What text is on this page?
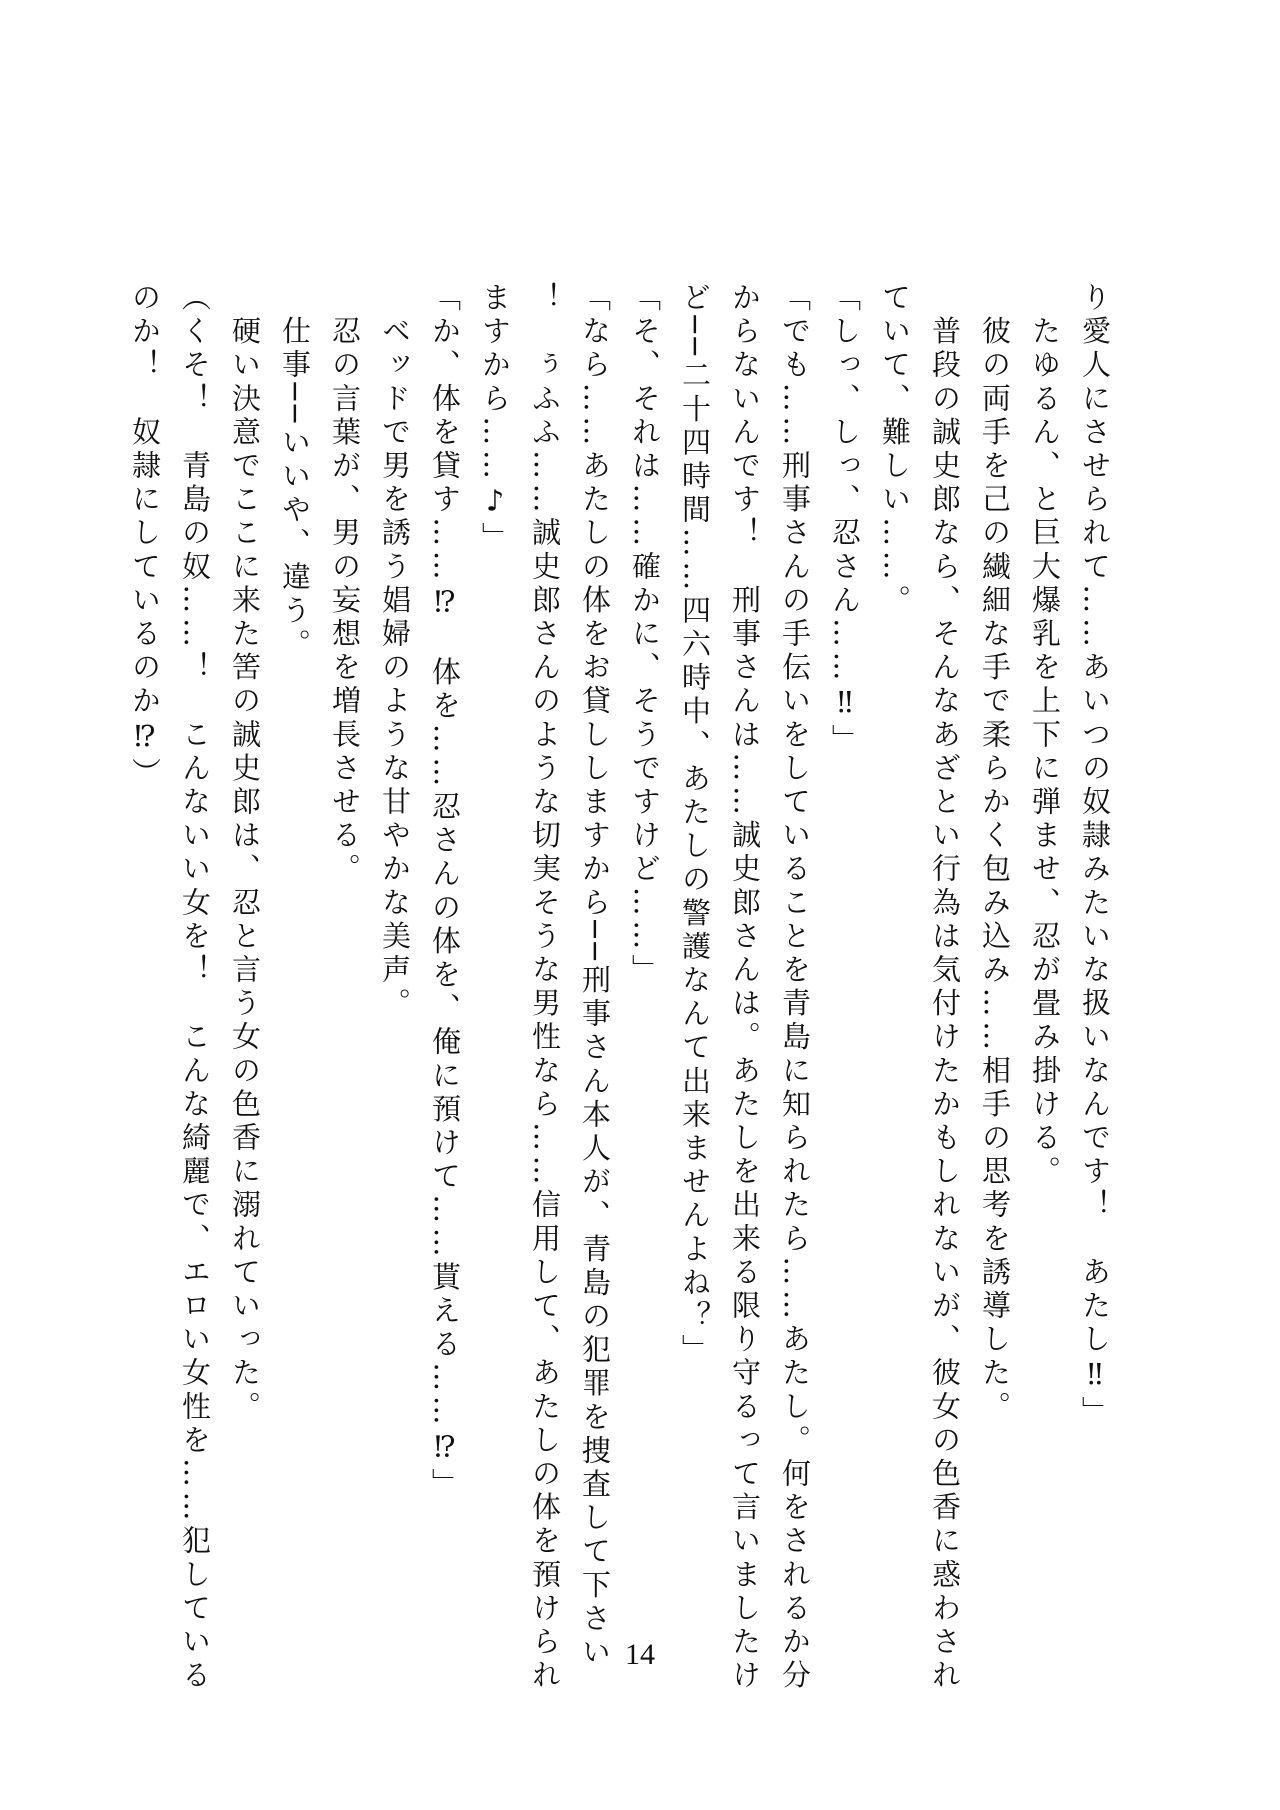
り愛人にさせられて……あいつの奴隷みたいな扱いなんです！　あたし‼」

　たゆるん、と巨大爆乳を上下に弾ませ、忍が畳み掛ける。

　彼の両手を己の繊細な手で柔らかく包み込み……相手の思考を誘導した。

　普段の誠史郎なら、そんなあざとい行為は気付けたかもしれないが、彼女の色香に惑わされていて、難しい……。

「しっ、しっ、忍さん……‼」

「でも……刑事さんの手伝いをしていることを青島に知られたら……あたし。何をされるか分からないんです！　刑事さんは……誠史郎さんは。あたしを出来る限り守るって言いましたけど──二十四時間……四六時中、あたしの警護なんて出来ませんよね？」

「そ、それは……確かに、そうですけど……」

「なら……あたしの体をお貸ししますから──刑事さん本人が、青島の犯罪を捜査して下さい！　ぅふふ……誠史郎さんのような切実そうな男性なら……信用して、あたしの体を預けられますから……♪」

「か、体を貸す……⁉　体を……忍さんの体を、俺に預けて……貰える……⁉」

　ベッドで男を誘う娼婦のような甘やかな美声。

　忍の言葉が、男の妄想を増長させる。

　仕事──いいや、違う。

　硬い決意でここに来た筈の誠史郎は、忍と言う女の色香に溺れていった。

（くそ！　青島の奴……！　こんないい女を！　こんな綺麗で、エロい女性を……犯しているのか！　奴隷にしているのか⁉）

14
